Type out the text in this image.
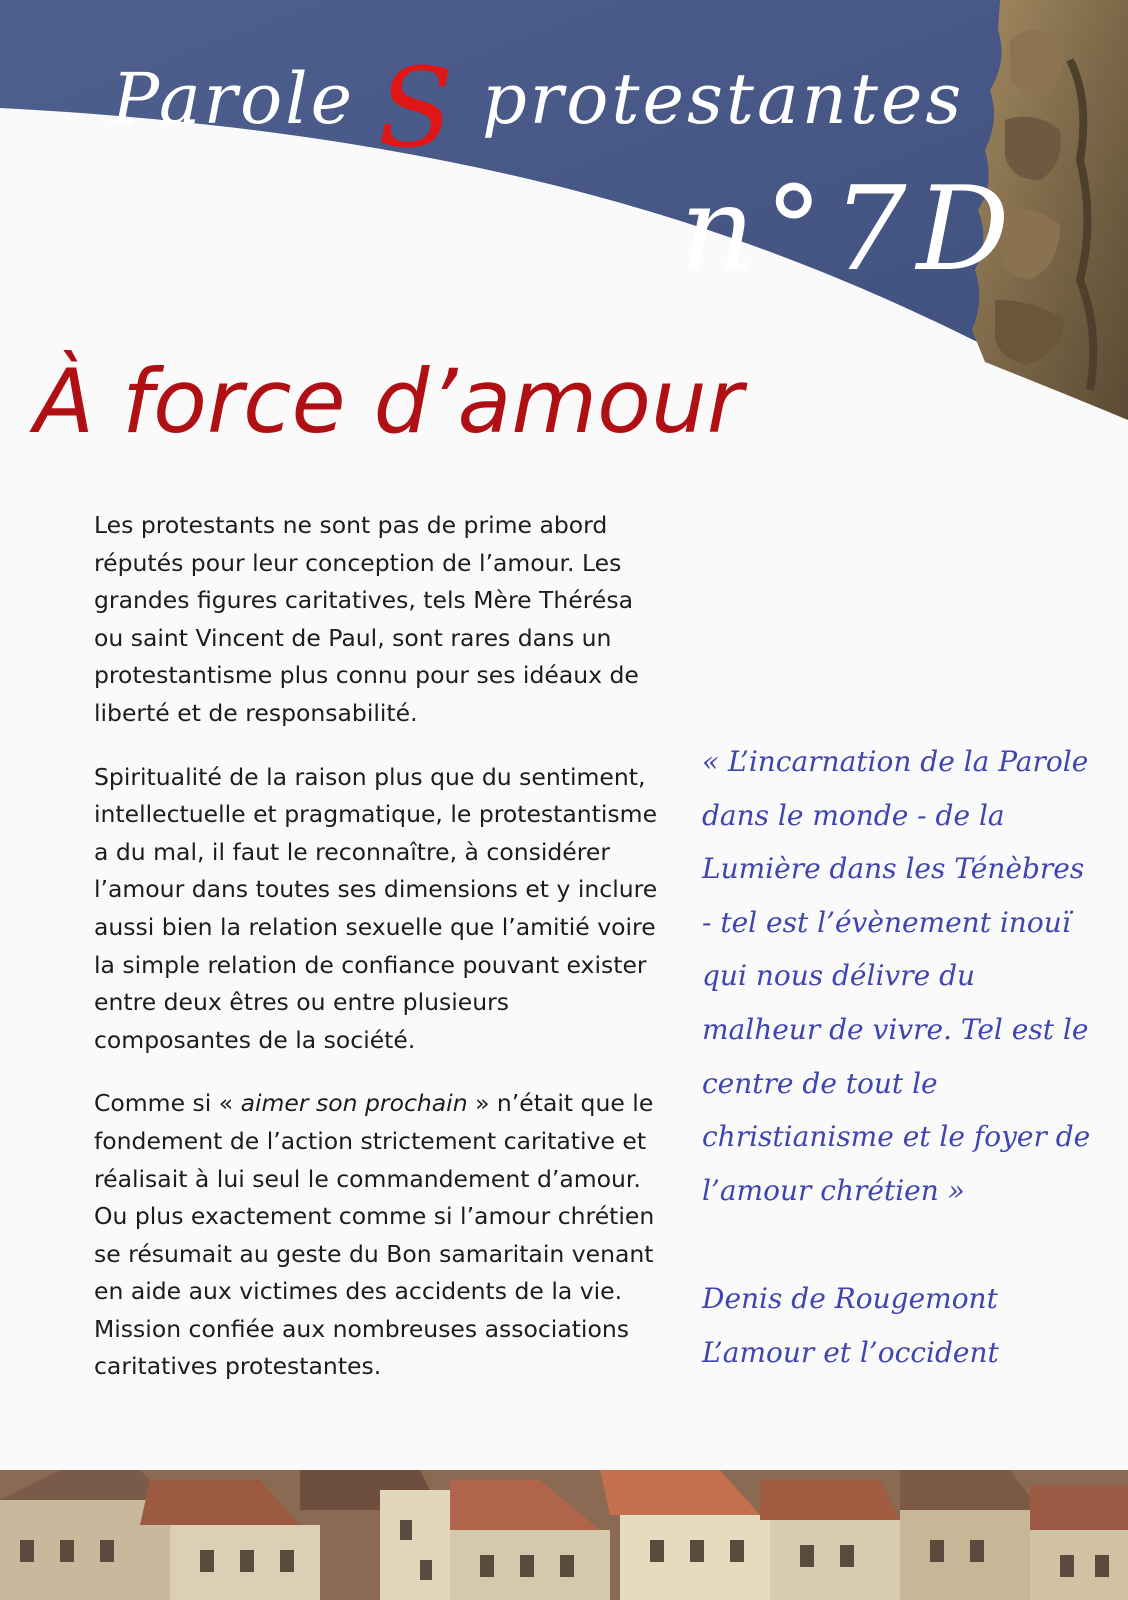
Parole S protestantes
n°7D
À force d’amour

Les protestants ne sont pas de prime abord réputés pour leur conception de l’amour. Les grandes figures caritatives, tels Mère Thérésa ou saint Vincent de Paul, sont rares dans un protestantisme plus connu pour ses idéaux de liberté et de responsabilité.

Spiritualité de la raison plus que du sentiment, intellectuelle et pragmatique, le protestantisme a du mal, il faut le reconnaître, à considérer l’amour dans toutes ses dimensions et y inclure aussi bien la relation sexuelle que l’amitié voire la simple relation de confiance pouvant exister entre deux êtres ou entre plusieurs composantes de la société.

Comme si « aimer son prochain » n’était que le fondement de l’action strictement caritative et réalisait à lui seul le commandement d’amour. Ou plus exactement comme si l’amour chrétien se résumait au geste du Bon samaritain venant en aide aux victimes des accidents de la vie. Mission confiée aux nombreuses associations caritatives protestantes.

« L’incarnation de la Parole dans le monde - de la Lumière dans les Ténèbres - tel est l’évènement inouï qui nous délivre du malheur de vivre. Tel est le centre de tout le christianisme et le foyer de l’amour chrétien »

Denis de Rougemont
L’amour et l’occident
